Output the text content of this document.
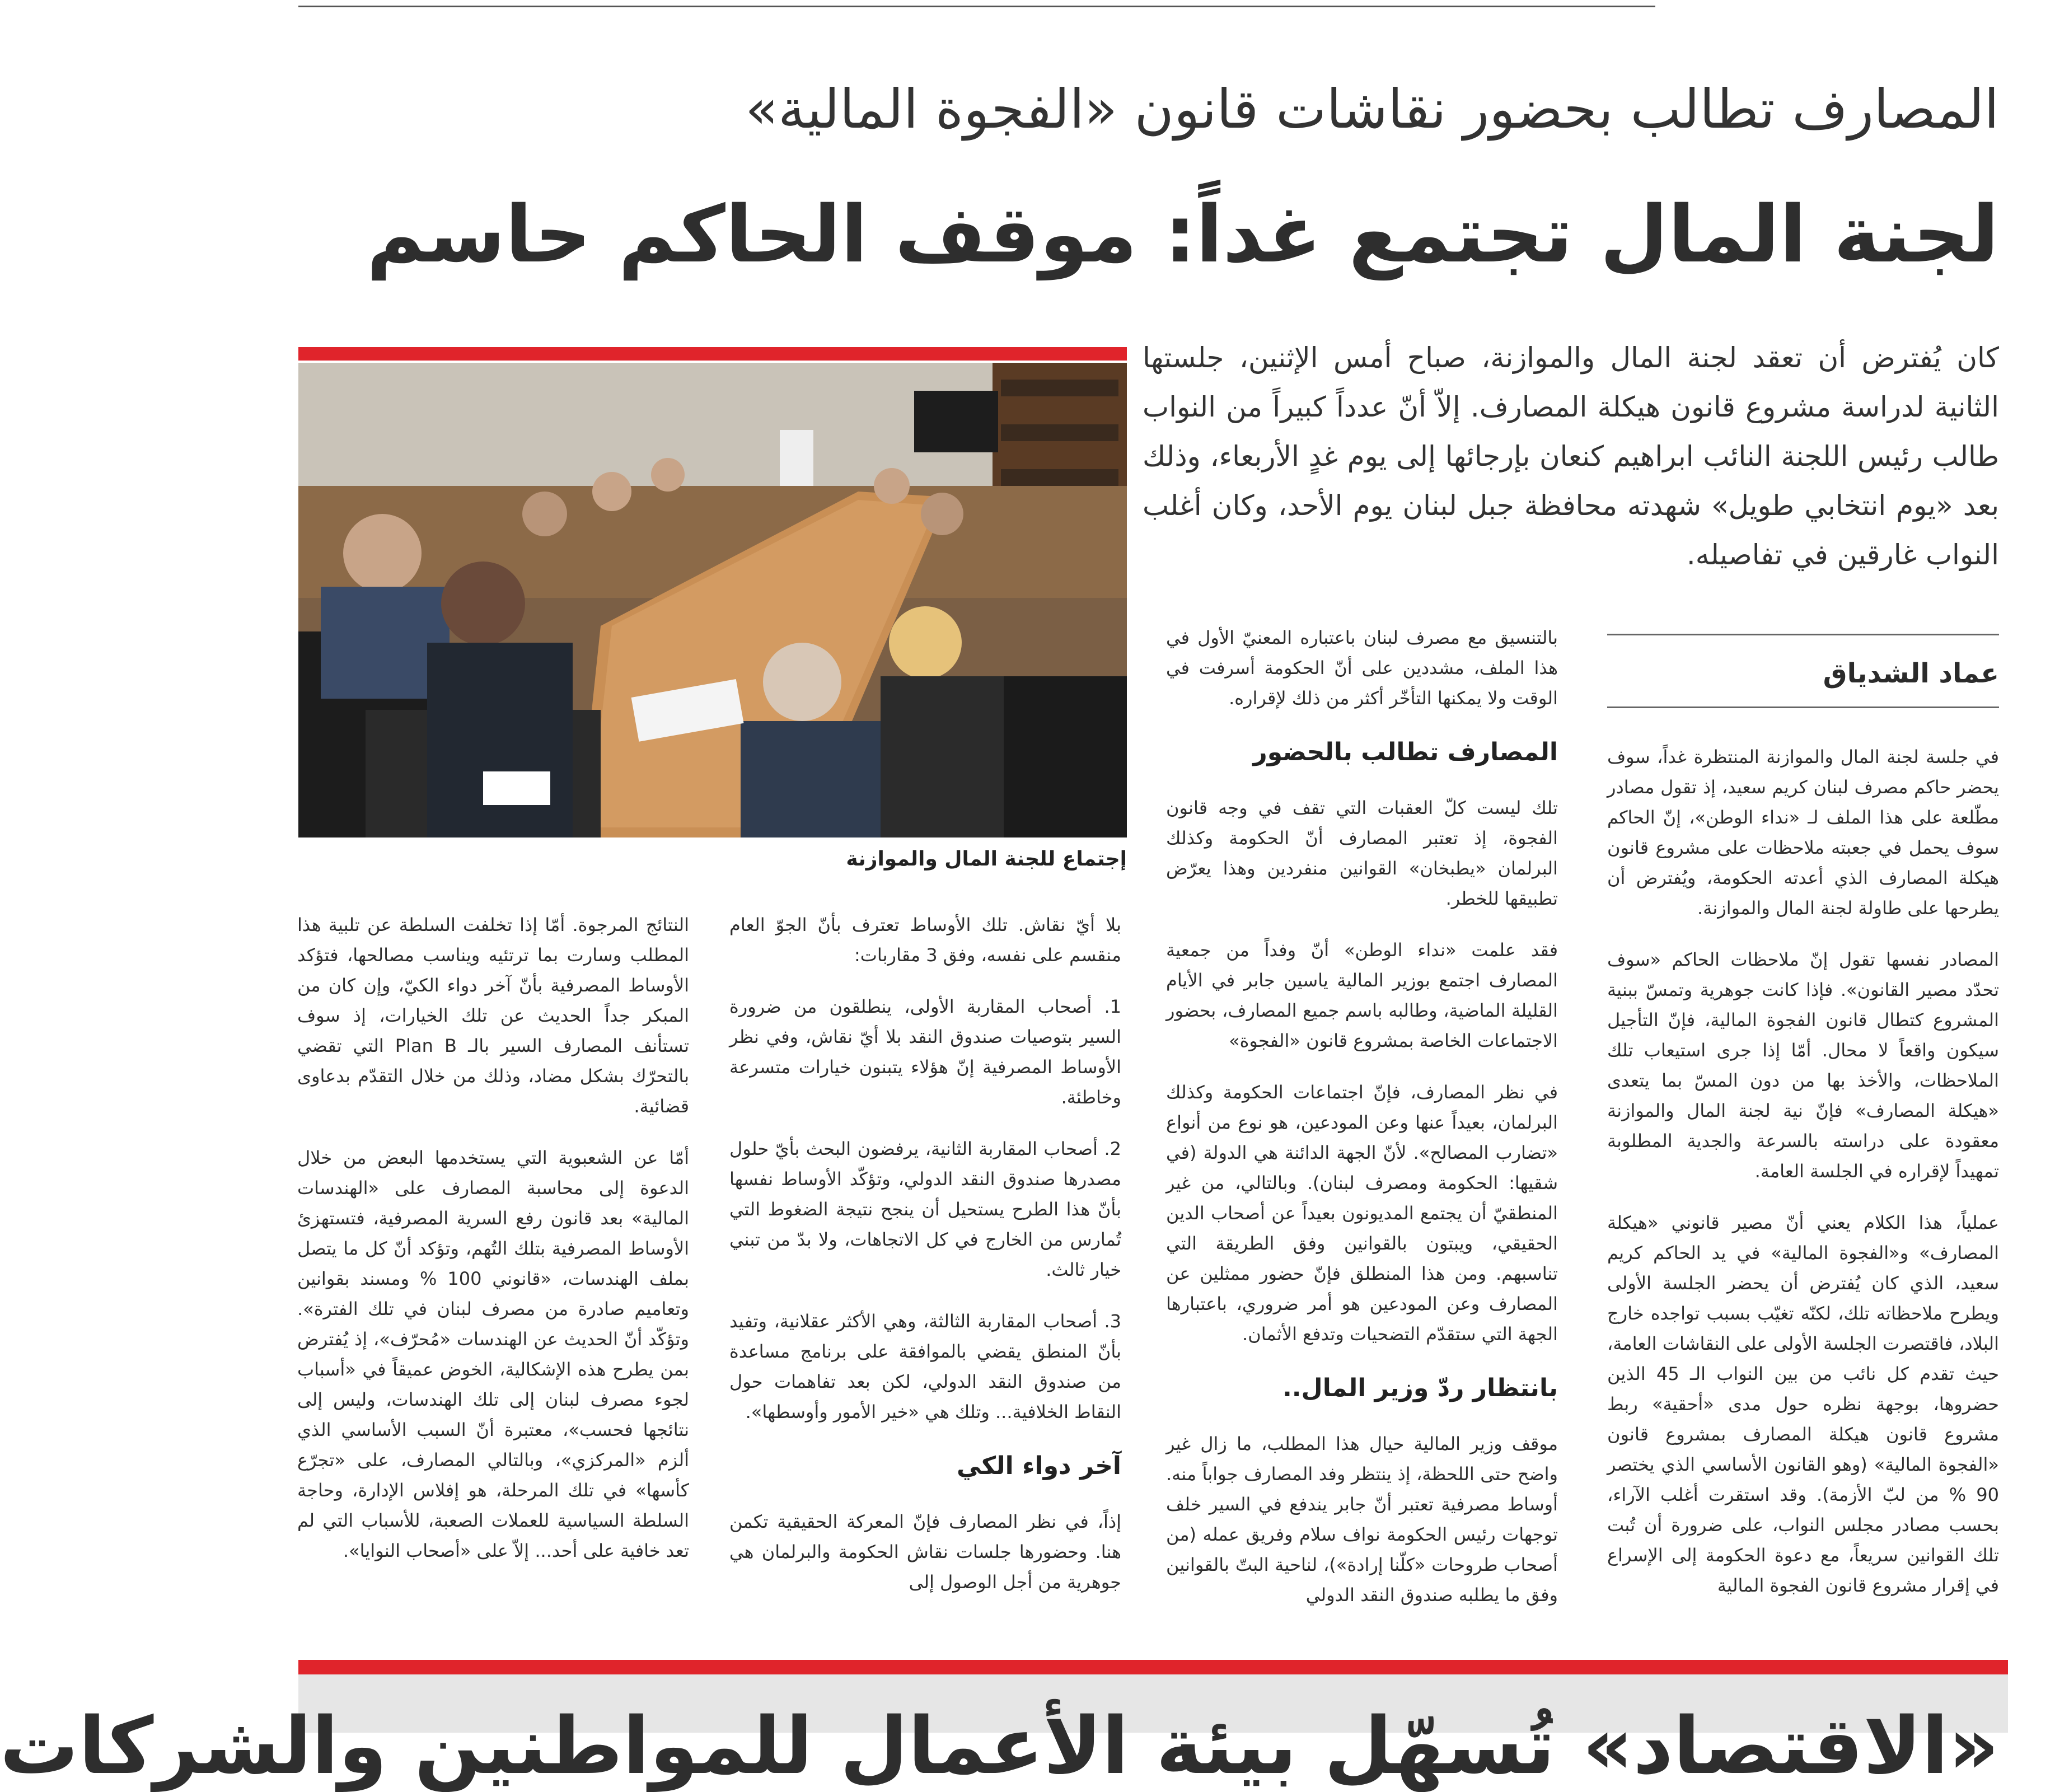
المصارف تطالب بحضور نقاشات قانون «الفجوة المالية»
لجنة المال تجتمع غداً: موقف الحاكم حاسم

كان يُفترض أن تعقد لجنة المال والموازنة، صباح أمس الإثنين، جلستها الثانية لدراسة مشروع قانون هيكلة المصارف. إلاّ أنّ عدداً كبيراً من النواب طالب رئيس اللجنة النائب ابراهيم كنعان بإرجائها إلى يوم غدٍ الأربعاء، وذلك بعد «يوم انتخابي طويل» شهدته محافظة جبل لبنان يوم الأحد، وكان أغلب النواب غارقين في تفاصيله.

إجتماع للجنة المال والموازنة
عماد الشدياق

في جلسة لجنة المال والموازنة المنتظرة غداً، سوف يحضر حاكم مصرف لبنان كريم سعيد، إذ تقول مصادر مطّلعة على هذا الملف لـ «نداء الوطن»، إنّ الحاكم سوف يحمل في جعبته ملاحظات على مشروع قانون هيكلة المصارف الذي أعدته الحكومة، ويُفترض أن يطرحها على طاولة لجنة المال والموازنة.

المصادر نفسها تقول إنّ ملاحظات الحاكم «سوف تحدّد مصير القانون». فإذا كانت جوهرية وتمسّ ببنية المشروع كتطال قانون الفجوة المالية، فإنّ التأجيل سيكون واقعاً لا محال. أمّا إذا جرى استيعاب تلك الملاحظات، والأخذ بها من دون المسّ بما يتعدى «هيكلة المصارف» فإنّ نية لجنة المال والموازنة معقودة على دراسته بالسرعة والجدية المطلوبة تمهيداً لإقراره في الجلسة العامة.

عملياً، هذا الكلام يعني أنّ مصير قانوني «هيكلة المصارف» و«الفجوة المالية» في يد الحاكم كريم سعيد، الذي كان يُفترض أن يحضر الجلسة الأولى ويطرح ملاحظاته تلك، لكنّه تغيّب بسبب تواجده خارج البلاد، فاقتصرت الجلسة الأولى على النقاشات العامة، حيث تقدم كل نائب من بين النواب الـ 45 الذين حضروها، بوجهة نظره حول مدى «أحقية» ربط مشروع قانون هيكلة المصارف بمشروع قانون «الفجوة المالية» (وهو القانون الأساسي الذي يختصر 90 % من لبّ الأزمة). وقد استقرت أغلب الآراء، بحسب مصادر مجلس النواب، على ضرورة أن تُبت تلك القوانين سريعاً، مع دعوة الحكومة إلى الإسراع في إقرار مشروع قانون الفجوة المالية

بالتنسيق مع مصرف لبنان باعتباره المعنيّ الأول في هذا الملف، مشددين على أنّ الحكومة أسرفت في الوقت ولا يمكنها التأخّر أكثر من ذلك لإقراره.

المصارف تطالب بالحضور

تلك ليست كلّ العقبات التي تقف في وجه قانون الفجوة، إذ تعتبر المصارف أنّ الحكومة وكذلك البرلمان «يطبخان» القوانين منفردين وهذا يعرّض تطبيقها للخطر.

فقد علمت «نداء الوطن» أنّ وفداً من جمعية المصارف اجتمع بوزير المالية ياسين جابر في الأيام القليلة الماضية، وطالبه باسم جميع المصارف، بحضور الاجتماعات الخاصة بمشروع قانون «الفجوة»

في نظر المصارف، فإنّ اجتماعات الحكومة وكذلك البرلمان، بعيداً عنها وعن المودعين، هو نوع من أنواع «تضارب المصالح». لأنّ الجهة الدائنة هي الدولة (في شقيها: الحكومة ومصرف لبنان). وبالتالي، من غير المنطقيّ أن يجتمع المديونون بعيداً عن أصحاب الدين الحقيقي، ويبتون بالقوانين وفق الطريقة التي تناسبهم. ومن هذا المنطلق فإنّ حضور ممثلين عن المصارف وعن المودعين هو أمر ضروري، باعتبارها الجهة التي ستقدّم التضحيات وتدفع الأثمان.

بانتظار ردّ وزير المال..

موقف وزير المالية حيال هذا المطلب، ما زال غير واضح حتى اللحظة، إذ ينتظر وفد المصارف جواباً منه. أوساط مصرفية تعتبر أنّ جابر يندفع في السير خلف توجهات رئيس الحكومة نواف سلام وفريق عمله (من أصحاب طروحات «كلّنا إرادة»)، لناحية البتّ بالقوانين وفق ما يطلبه صندوق النقد الدولي

بلا أيّ نقاش. تلك الأوساط تعترف بأنّ الجوّ العام منقسم على نفسه، وفق 3 مقاربات:

1. أصحاب المقاربة الأولى، ينطلقون من ضرورة السير بتوصيات صندوق النقد بلا أيّ نقاش، وفي نظر الأوساط المصرفية إنّ هؤلاء يتبنون خيارات متسرعة وخاطئة.

2. أصحاب المقاربة الثانية، يرفضون البحث بأيّ حلول مصدرها صندوق النقد الدولي، وتؤكّد الأوساط نفسها بأنّ هذا الطرح يستحيل أن ينجح نتيجة الضغوط التي تُمارس من الخارج في كل الاتجاهات، ولا بدّ من تبني خيار ثالث.

3. أصحاب المقاربة الثالثة، وهي الأكثر عقلانية، وتفيد بأنّ المنطق يقضي بالموافقة على برنامج مساعدة من صندوق النقد الدولي، لكن بعد تفاهمات حول النقاط الخلافية... وتلك هي «خير الأمور وأوسطها».

آخر دواء الكي

إذاً، في نظر المصارف فإنّ المعركة الحقيقية تكمن هنا. وحضورها جلسات نقاش الحكومة والبرلمان هي جوهرية من أجل الوصول إلى

النتائج المرجوة. أمّا إذا تخلفت السلطة عن تلبية هذا المطلب وسارت بما ترتئيه ويناسب مصالحها، فتؤكد الأوساط المصرفية بأنّ آخر دواء الكيّ، وإن كان من المبكر جداً الحديث عن تلك الخيارات، إذ سوف تستأنف المصارف السير بالـ Plan B التي تقضي بالتحرّك بشكل مضاد، وذلك من خلال التقدّم بدعاوى قضائية.

أمّا عن الشعبوية التي يستخدمها البعض من خلال الدعوة إلى محاسبة المصارف على «الهندسات المالية» بعد قانون رفع السرية المصرفية، فتستهزئ الأوساط المصرفية بتلك التُهم، وتؤكد أنّ كل ما يتصل بملف الهندسات، «قانوني 100 % ومسند بقوانين وتعاميم صادرة من مصرف لبنان في تلك الفترة». وتؤكّد أنّ الحديث عن الهندسات «مُحرّف»، إذ يُفترض بمن يطرح هذه الإشكالية، الخوض عميقاً في «أسباب لجوء مصرف لبنان إلى تلك الهندسات، وليس إلى نتائجها فحسب»، معتبرة أنّ السبب الأساسي الذي ألزم «المركزي»، وبالتالي المصارف، على «تجرّع كأسها» في تلك المرحلة، هو إفلاس الإدارة، وحاجة السلطة السياسية للعملات الصعبة، للأسباب التي لم تعد خافية على أحد... إلاّ على «أصحاب النوايا».

«الاقتصاد» تُسهّل بيئة الأعمال للمواطنين والشركات
